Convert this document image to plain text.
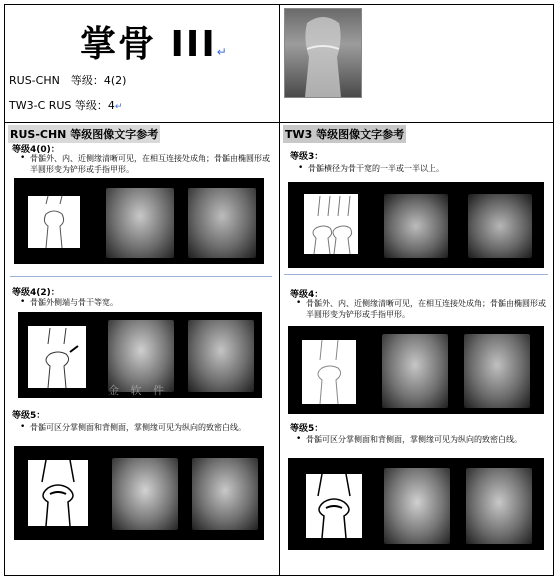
掌骨 III↵
RUS-CHN　等级：4(2)
TW3-C RUS 等级：4↵
RUS-CHN 等级图像文字参考
等级4(0)：
• 骨骺外、内、近侧缘清晰可见，在相互连接处成角；骨骺由椭圆形或半圆形变为铲形或手指甲形。
等级4(2)：
• 骨骺外侧端与骨干等宽。
等级5：
• 骨骺可区分掌侧面和背侧面，掌侧缘可见为纵向的致密白线。
TW3 等级图像文字参考
等级3：
• 骨骺横径为骨干宽的一半或一半以上。
等级4：
• 骨骺外、内、近侧缘清晰可见，在相互连接处成角；骨骺由椭圆形或半圆形变为铲形或手指甲形。
等级5：
• 骨骺可区分掌侧面和背侧面，掌侧缘可见为纵向的致密白线。
金 软 件
